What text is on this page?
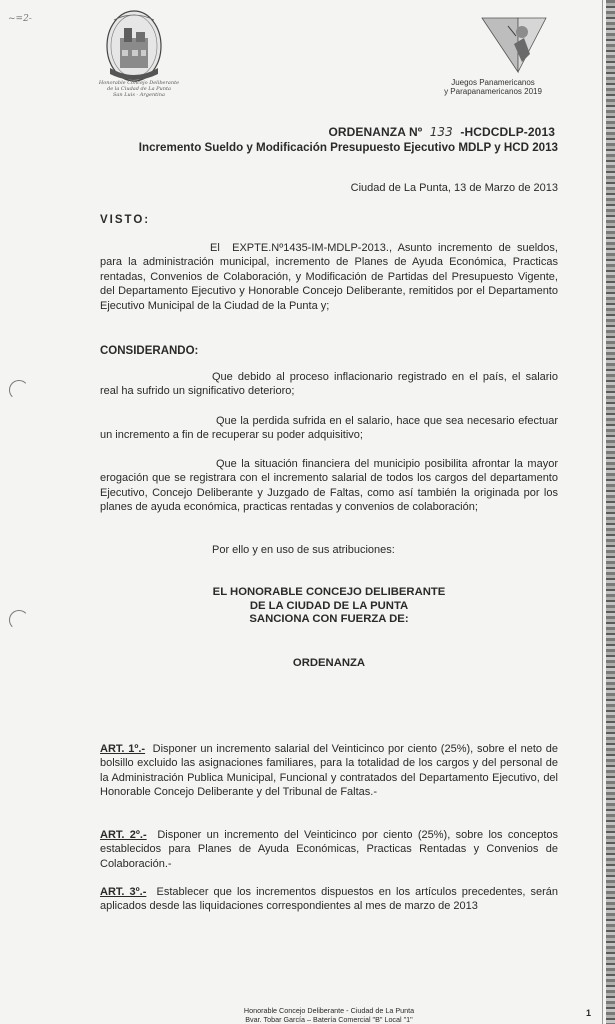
~=2-
Honorable Concejo Deliberante
de la Ciudad de La Punta
San Luis - Argentina
Juegos Panamericanos
y Parapanamericanos 2019
ORDENANZA Nº 133 -HCDCDLP-2013
Incremento Sueldo y Modificación Presupuesto Ejecutivo MDLP y HCD 2013
Ciudad de La Punta, 13 de Marzo de 2013
VISTO:
El EXPTE.Nº1435-IM-MDLP-2013., Asunto incremento de sueldos, para la administración municipal, incremento de Planes de Ayuda Económica, Practicas rentadas, Convenios de Colaboración, y Modificación de Partidas del Presupuesto Vigente, del Departamento Ejecutivo y Honorable Concejo Deliberante, remitidos por el Departamento Ejecutivo Municipal de la Ciudad de la Punta y;
CONSIDERANDO:
Que debido al proceso inflacionario registrado en el país, el salario real ha sufrido un significativo deterioro;
Que la perdida sufrida en el salario, hace que sea necesario efectuar un incremento a fin de recuperar su poder adquisitivo;
Que la situación financiera del municipio posibilita afrontar la mayor erogación que se registrara con el incremento salarial de todos los cargos del departamento Ejecutivo, Concejo Deliberante y Juzgado de Faltas, como así también la originada por los planes de ayuda económica, practicas rentadas y convenios de colaboración;
Por ello y en uso de sus atribuciones:
EL HONORABLE CONCEJO DELIBERANTE
DE LA CIUDAD DE LA PUNTA
SANCIONA CON FUERZA DE:
ORDENANZA
ART. 1º.- Disponer un incremento salarial del Veinticinco por ciento (25%), sobre el neto de bolsillo excluido las asignaciones familiares, para la totalidad de los cargos y del personal de la Administración Publica Municipal, Funcional y contratados del Departamento Ejecutivo, del Honorable Concejo Deliberante y del Tribunal de Faltas.-
ART. 2º.- Disponer un incremento del Veinticinco por ciento (25%), sobre los conceptos establecidos para Planes de Ayuda Económicas, Practicas Rentadas y Convenios de Colaboración.-
ART. 3º.- Establecer que los incrementos dispuestos en los artículos precedentes, serán aplicados desde las liquidaciones correspondientes al mes de marzo de 2013
Honorable Concejo Deliberante - Ciudad de La Punta
Bvar. Tobar García – Batería Comercial "B" Local "1"
1
